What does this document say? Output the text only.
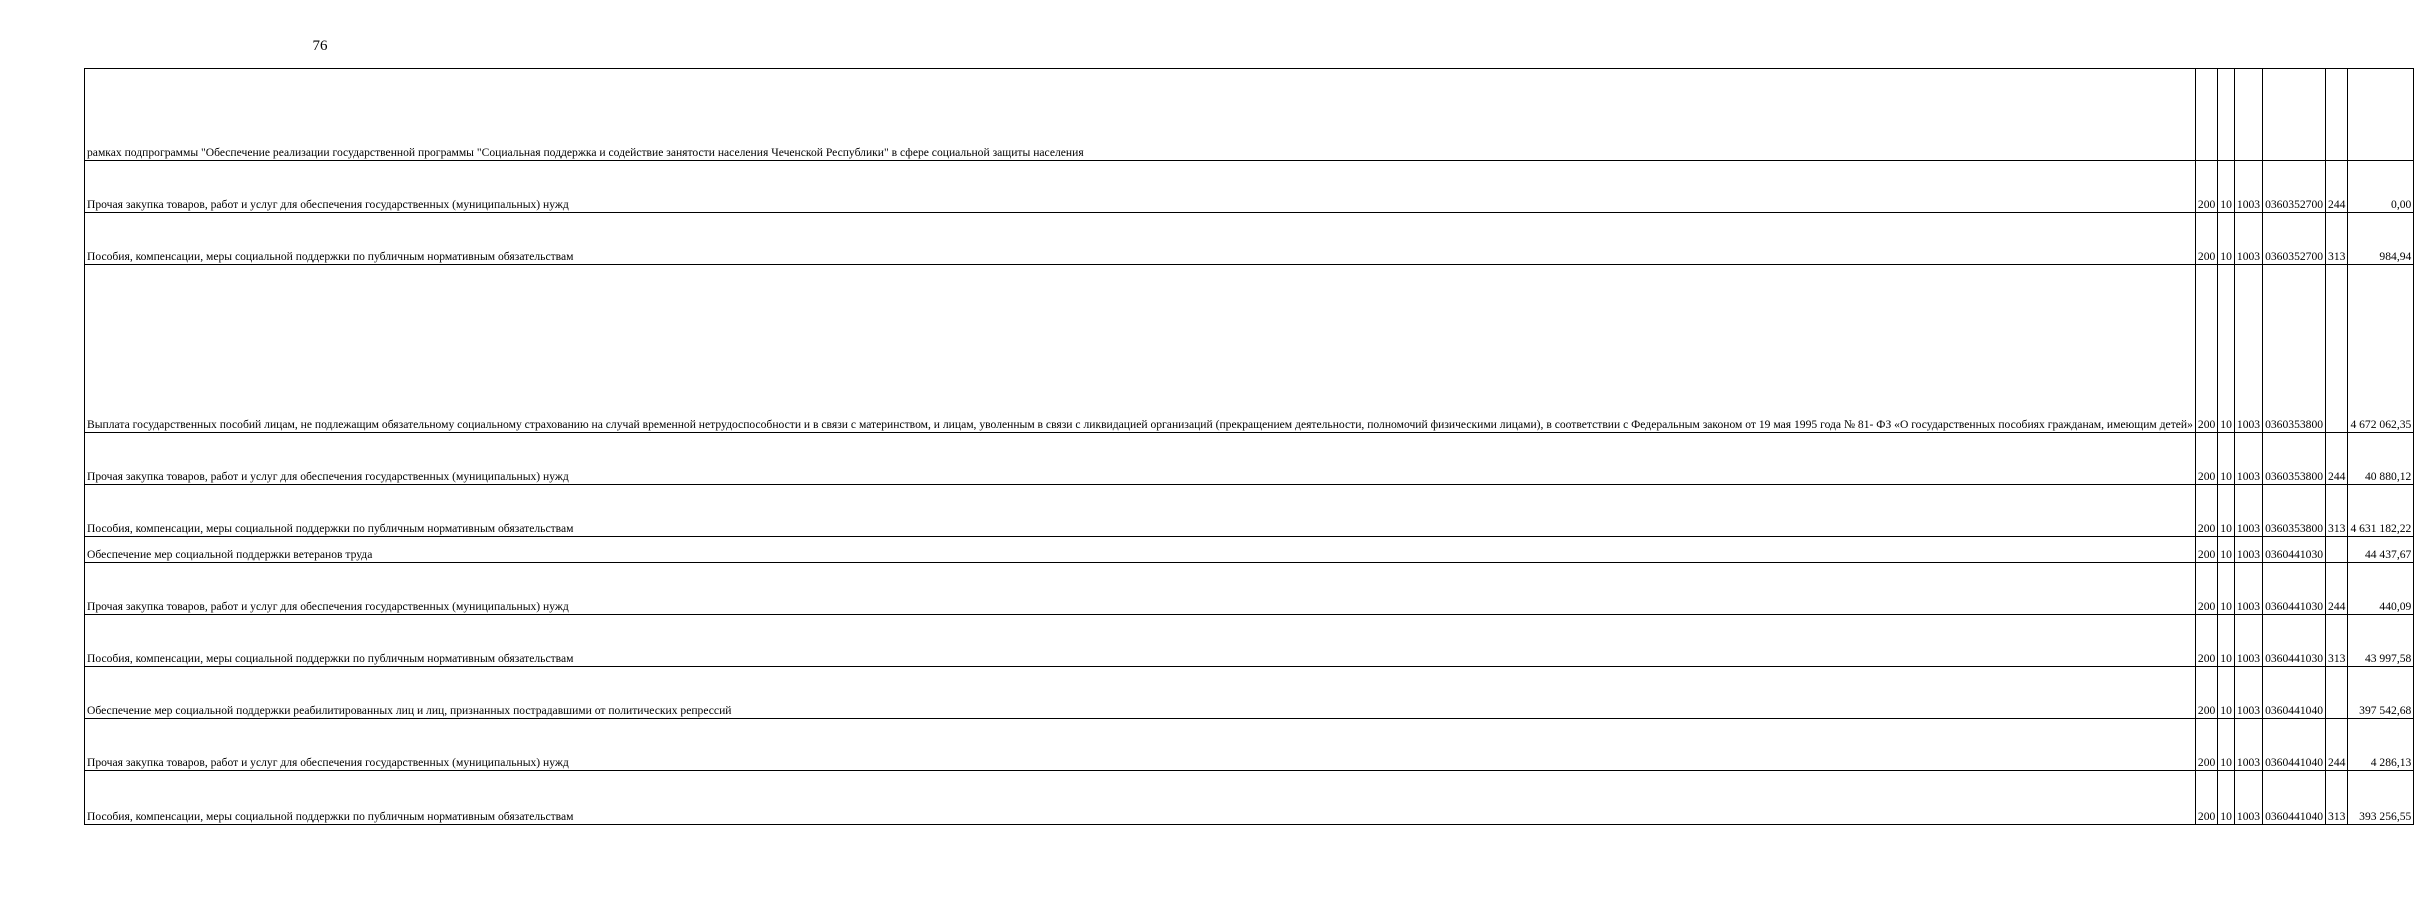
76
рамках подпрограммы "Обеспечение реализации государственной программы "Социальная поддержка и содействие занятости населения Чеченской Республики" в сфере социальной защиты населения						
Прочая закупка товаров, работ и услуг для обеспечения государственных (муниципальных) нужд	200	10	1003	0360352700	244	0,00
Пособия, компенсации, меры социальной поддержки по публичным нормативным обязательствам	200	10	1003	0360352700	313	984,94
Выплата государственных пособий лицам, не подлежащим обязательному социальному страхованию на случай временной нетрудоспособности и в связи с материнством, и лицам, уволенным в связи с ликвидацией организаций (прекращением деятельности, полномочий физическими лицами), в соответствии с Федеральным законом от 19 мая 1995 года № 81- ФЗ «О государственных пособиях гражданам, имеющим детей»	200	10	1003	0360353800		4 672 062,35
Прочая закупка товаров, работ и услуг для обеспечения государственных (муниципальных) нужд	200	10	1003	0360353800	244	40 880,12
Пособия, компенсации, меры социальной поддержки по публичным нормативным обязательствам	200	10	1003	0360353800	313	4 631 182,22
Обеспечение мер социальной поддержки ветеранов труда	200	10	1003	0360441030		44 437,67
Прочая закупка товаров, работ и услуг для обеспечения государственных (муниципальных) нужд	200	10	1003	0360441030	244	440,09
Пособия, компенсации, меры социальной поддержки по публичным нормативным обязательствам	200	10	1003	0360441030	313	43 997,58
Обеспечение мер социальной поддержки реабилитированных лиц и лиц, признанных пострадавшими от политических репрессий	200	10	1003	0360441040		397 542,68
Прочая закупка товаров, работ и услуг для обеспечения государственных (муниципальных) нужд	200	10	1003	0360441040	244	4 286,13
Пособия, компенсации, меры социальной поддержки по публичным нормативным обязательствам	200	10	1003	0360441040	313	393 256,55
